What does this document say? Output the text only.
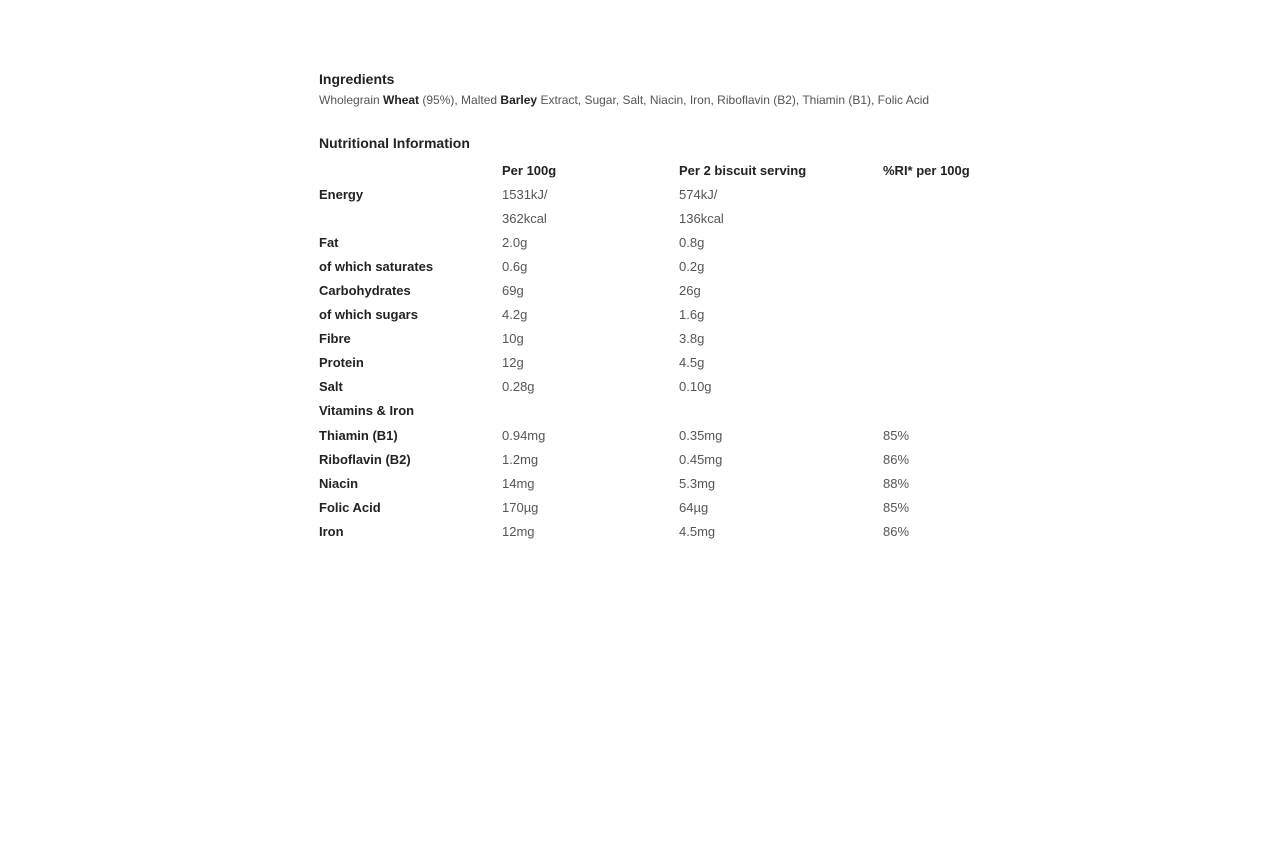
Ingredients

Wholegrain Wheat (95%), Malted Barley Extract, Sugar, Salt, Niacin, Iron, Riboflavin (B2), Thiamin (B1), Folic Acid

Nutritional Information
	Per 100g	Per 2 biscuit serving	%RI* per 100g
Energy	1531kJ/	574kJ/	
	362kcal	136kcal	
Fat	2.0g	0.8g	
of which saturates	0.6g	0.2g	
Carbohydrates	69g	26g	
of which sugars	4.2g	1.6g	
Fibre	10g	3.8g	
Protein	12g	4.5g	
Salt	0.28g	0.10g	
Vitamins & Iron			
Thiamin (B1)	0.94mg	0.35mg	85%
Riboflavin (B2)	1.2mg	0.45mg	86%
Niacin	14mg	5.3mg	88%
Folic Acid	170µg	64µg	85%
Iron	12mg	4.5mg	86%
